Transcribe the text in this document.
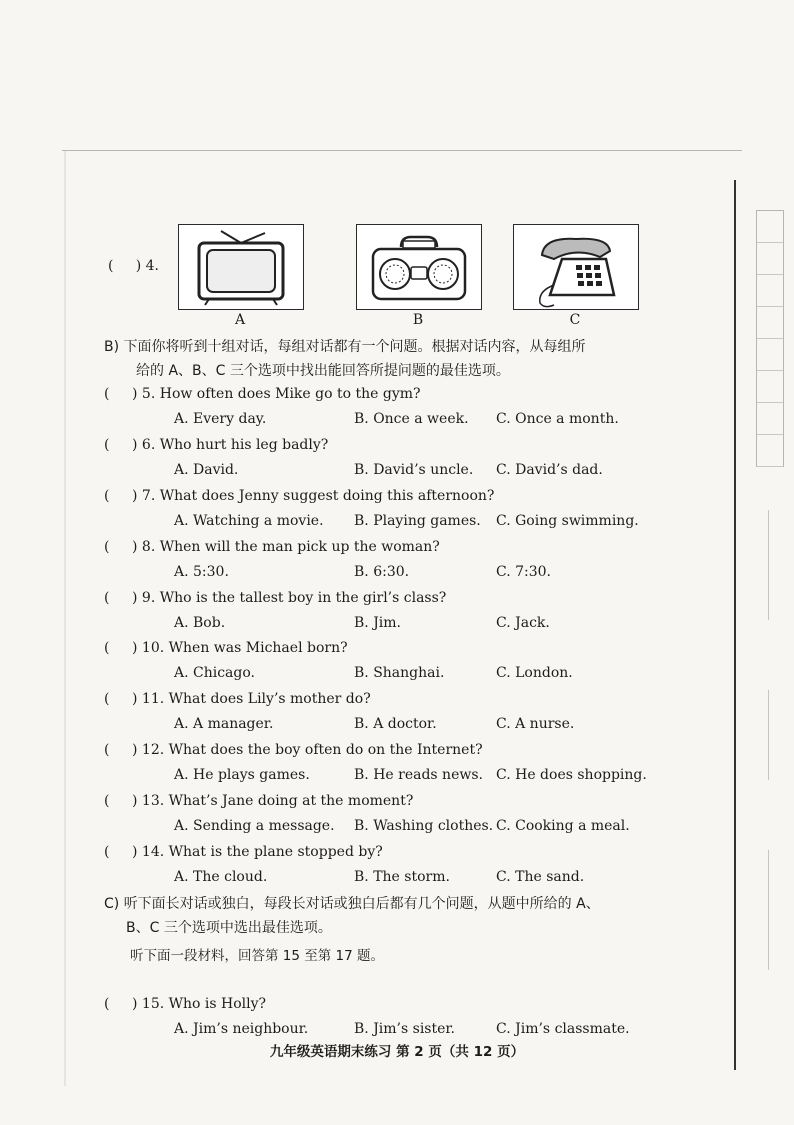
(     ) 4.
A	B	C
B) 下面你将听到十组对话，每组对话都有一个问题。根据对话内容，从每组所
给的 A、B、C 三个选项中找出能回答所提问题的最佳选项。
( ) 5. How often does Mike go to the gym?
A. Every day.	B. Once a week. C. Once a month.
( ) 6. Who hurt his leg badly?
A. David.	B. David’s uncle. C. David’s dad.
( ) 7. What does Jenny suggest doing this afternoon?
A. Watching a movie. B. Playing games. C. Going swimming.
( ) 8. When will the man pick up the woman?
A. 5:30.	B. 6:30.	C. 7:30.
( ) 9. Who is the tallest boy in the girl’s class?
A. Bob.	B. Jim.	C. Jack.
( ) 10. When was Michael born?
A. Chicago.	B. Shanghai.	C. London.
( ) 11. What does Lily’s mother do?
A. A manager.	B. A doctor.	C. A nurse.
( ) 12. What does the boy often do on the Internet?
A. He plays games.	B. He reads news. C. He does shopping.
( ) 13. What’s Jane doing at the moment?
A. Sending a message. B. Washing clothes. C. Cooking a meal.
( ) 14. What is the plane stopped by?
A. The cloud.	B. The storm.	C. The sand.
C) 听下面长对话或独白，每段长对话或独白后都有几个问题，从题中所给的 A、
B、C 三个选项中选出最佳选项。
听下面一段材料，回答第 15 至第 17 题。
( ) 15. Who is Holly?
A. Jim’s neighbour.	B. Jim’s sister.	C. Jim’s classmate.
九年级英语期末练习 第 2 页（共 12 页）
